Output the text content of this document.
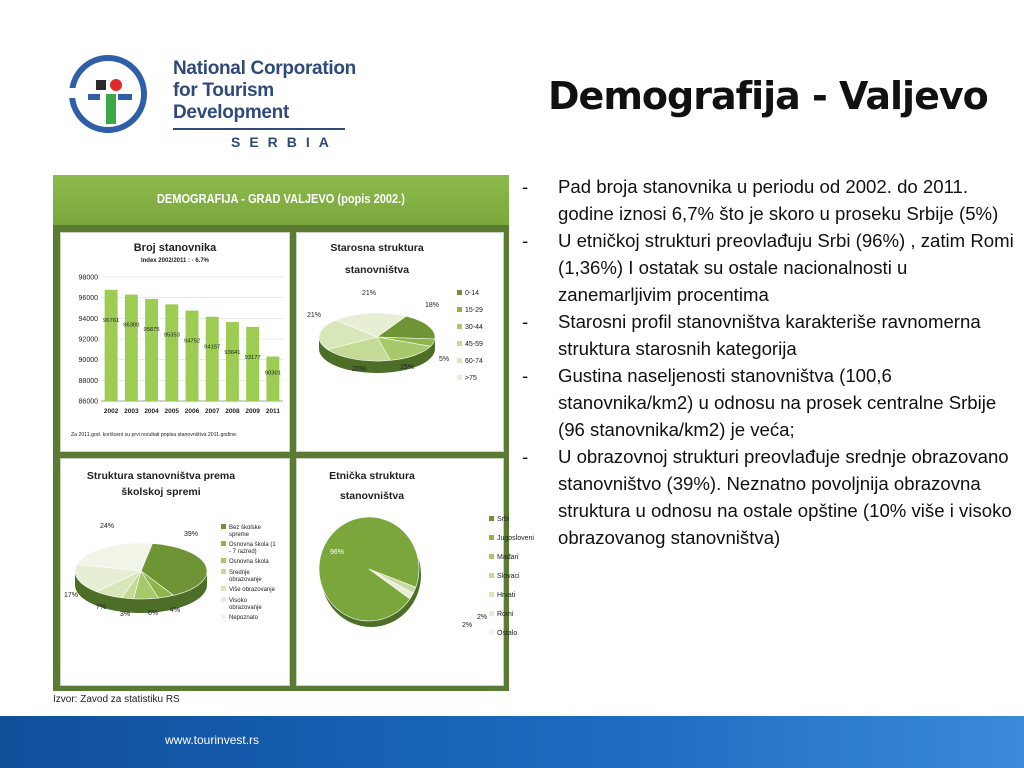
National Corporation
for Tourism Development
SERBIA
Demografija - Valjevo
- Pad broja stanovnika u periodu od 2002. do 2011. godine iznosi 6,7% što je skoro u proseku Srbije (5%)
- U etničkoj strukturi preovlađuju Srbi (96%) , zatim Romi (1,36%) I ostatak su ostale nacionalnosti u zanemarljivim procentima
- Starosni profil stanovništva karakteriše ravnomerna struktura starosnih kategorija
- Gustina naseljenosti stanovništva (100,6 stanovnika/km2) u odnosu na prosek centralne Srbije (96 stanovnika/km2) je veća;
- U obrazovnoj strukturi preovlađuje srednje obrazovano stanovništvo (39%). Neznatno povoljnija obrazovna struktura u odnosu na ostale opštine (10% više i visoko obrazovanog stanovništva)
DEMOGRAFIJA - GRAD VALJEVO (popis 2002.)
Broj stanovnika
Index 2002/2011 : - 6.7%
98000
96000
94000
92000
90000
88000
86000
2002
96761
2003
96300
2004
95875
2005
95353
2006
94752
2007
94157
2008
93641
2009
93177
2011
90301
Za 2011.god. korišceni su prvi rezultati popisa stanovništva 2011.godine.
Starosna struktura
stanovništva
18%
5%
15%
20%
21%
21%	0-14
15-29
30-44
45-59
60-74
>75
Struktura stanovništva prema
školskoj spremi
39%
4%
6%
3%
7%
17%
24%	Bez školske
spreme
Osnovna škola (1
- 7 razred)
Osnovna škola
Srednje
obrazovanje
Više obrazovanje
Visoko
obrazovanje
Nepoznato
Etnička struktura
stanovništva
96%
2%
2%
Srbi
Jugosloveni
Mađari
Slovaci
Hrvati
Romi
Ostalo
Izvor: Zavod za statistiku RS
www.tourinvest.rs
